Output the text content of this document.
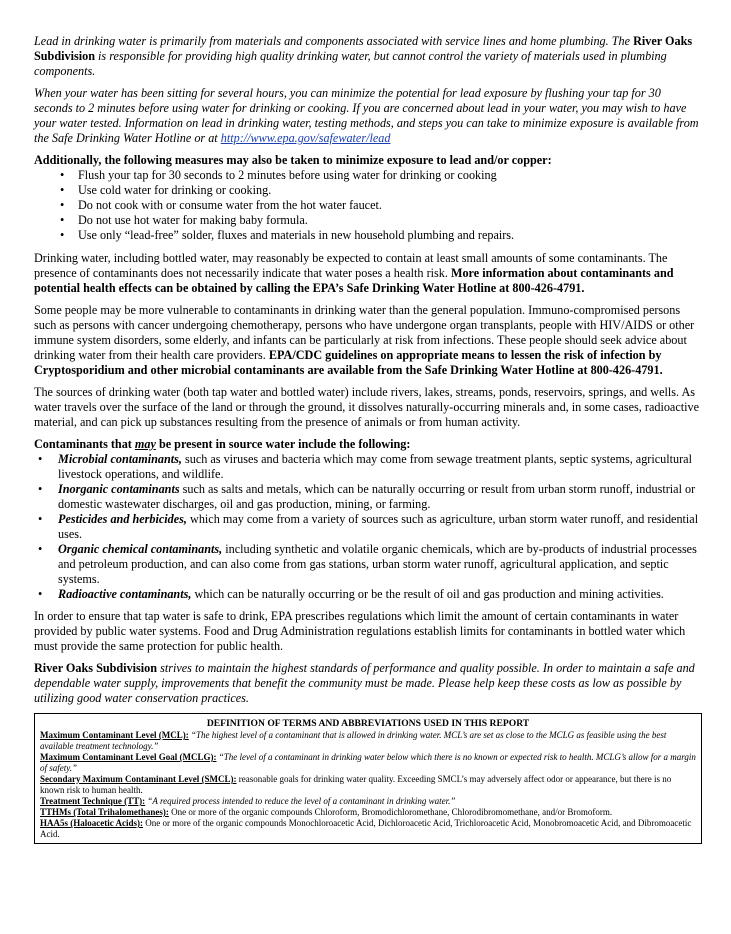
Lead in drinking water is primarily from materials and components associated with service lines and home plumbing. The River Oaks Subdivision is responsible for providing high quality drinking water, but cannot control the variety of materials used in plumbing components.

When your water has been sitting for several hours, you can minimize the potential for lead exposure by flushing your tap for 30 seconds to 2 minutes before using water for drinking or cooking. If you are concerned about lead in your water, you may wish to have your water tested. Information on lead in drinking water, testing methods, and steps you can take to minimize exposure is available from the Safe Drinking Water Hotline or at http://www.epa.gov/safewater/lead

Additionally, the following measures may also be taken to minimize exposure to lead and/or copper:
• Flush your tap for 30 seconds to 2 minutes before using water for drinking or cooking
• Use cold water for drinking or cooking.
• Do not cook with or consume water from the hot water faucet.
• Do not use hot water for making baby formula.
• Use only “lead-free” solder, fluxes and materials in new household plumbing and repairs.

Drinking water, including bottled water, may reasonably be expected to contain at least small amounts of some contaminants. The presence of contaminants does not necessarily indicate that water poses a health risk. More information about contaminants and potential health effects can be obtained by calling the EPA’s Safe Drinking Water Hotline at 800-426-4791.

Some people may be more vulnerable to contaminants in drinking water than the general population. Immuno-compromised persons such as persons with cancer undergoing chemotherapy, persons who have undergone organ transplants, people with HIV/AIDS or other immune system disorders, some elderly, and infants can be particularly at risk from infections. These people should seek advice about drinking water from their health care providers. EPA/CDC guidelines on appropriate means to lessen the risk of infection by Cryptosporidium and other microbial contaminants are available from the Safe Drinking Water Hotline at 800-426-4791.

The sources of drinking water (both tap water and bottled water) include rivers, lakes, streams, ponds, reservoirs, springs, and wells. As water travels over the surface of the land or through the ground, it dissolves naturally-occurring minerals and, in some cases, radioactive material, and can pick up substances resulting from the presence of animals or from human activity.

Contaminants that may be present in source water include the following:
• Microbial contaminants, such as viruses and bacteria which may come from sewage treatment plants, septic systems, agricultural livestock operations, and wildlife.
• Inorganic contaminants such as salts and metals, which can be naturally occurring or result from urban storm runoff, industrial or domestic wastewater discharges, oil and gas production, mining, or farming.
• Pesticides and herbicides, which may come from a variety of sources such as agriculture, urban storm water runoff, and residential uses.
• Organic chemical contaminants, including synthetic and volatile organic chemicals, which are by-products of industrial processes and petroleum production, and can also come from gas stations, urban storm water runoff, agricultural application, and septic systems.
• Radioactive contaminants, which can be naturally occurring or be the result of oil and gas production and mining activities.

In order to ensure that tap water is safe to drink, EPA prescribes regulations which limit the amount of certain contaminants in water provided by public water systems. Food and Drug Administration regulations establish limits for contaminants in bottled water which must provide the same protection for public health.

River Oaks Subdivision strives to maintain the highest standards of performance and quality possible. In order to maintain a safe and dependable water supply, improvements that benefit the community must be made. Please help keep these costs as low as possible by utilizing good water conservation practices.

DEFINITION OF TERMS AND ABBREVIATIONS USED IN THIS REPORT
Maximum Contaminant Level (MCL): “The highest level of a contaminant that is allowed in drinking water. MCL’s are set as close to the MCLG as feasible using the best available treatment technology.”
Maximum Contaminant Level Goal (MCLG): “The level of a contaminant in drinking water below which there is no known or expected risk to health. MCLG’s allow for a margin of safety.”
Secondary Maximum Contaminant Level (SMCL): reasonable goals for drinking water quality. Exceeding SMCL’s may adversely affect odor or appearance, but there is no known risk to human health.
Treatment Technique (TT): “A required process intended to reduce the level of a contaminant in drinking water.”
TTHMs (Total Trihalomethanes): One or more of the organic compounds Chloroform, Bromodichloromethane, Chlorodibromomethane, and/or Bromoform.
HAA5s (Haloacetic Acids): One or more of the organic compounds Monochloroacetic Acid, Dichloroacetic Acid, Trichloroacetic Acid, Monobromoacetic Acid, and Dibromoacetic Acid.
